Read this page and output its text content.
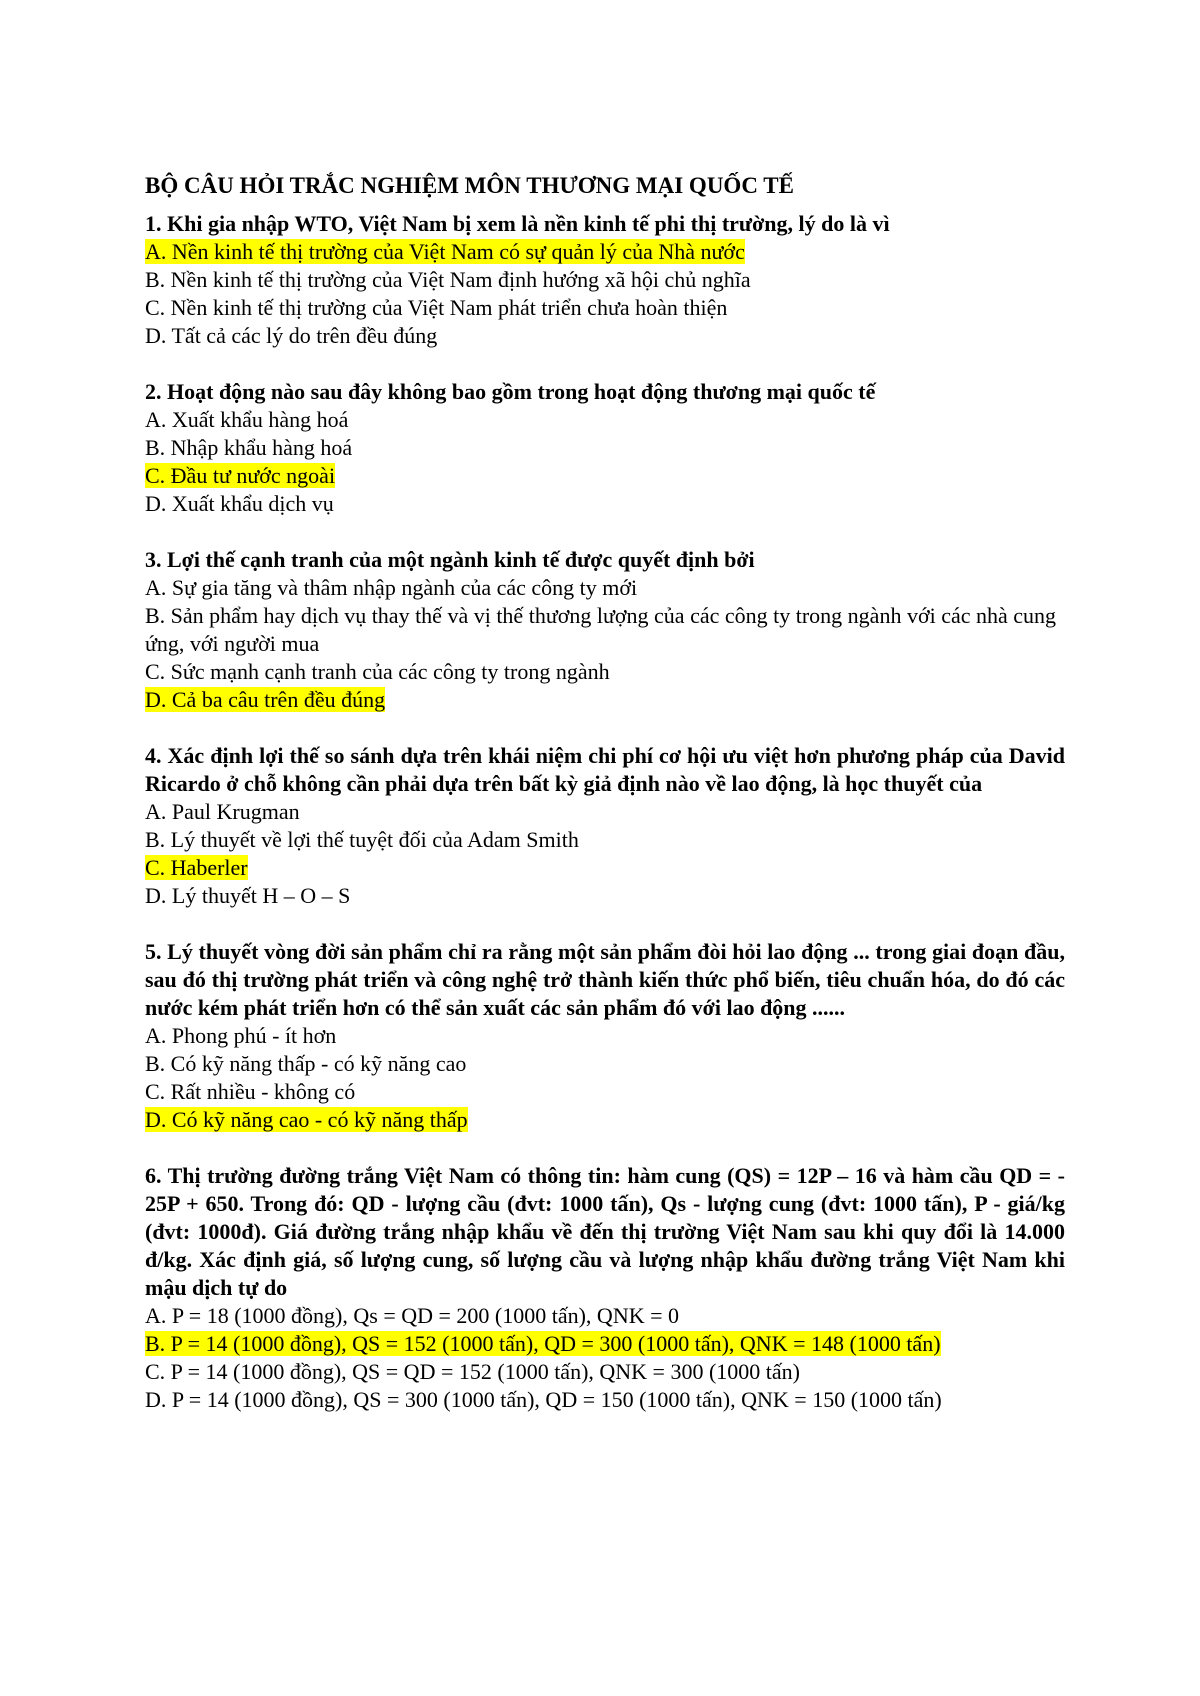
BỘ CÂU HỎI TRẮC NGHIỆM MÔN THƯƠNG MẠI QUỐC TẾ
1. Khi gia nhập WTO, Việt Nam bị xem là nền kinh tế phi thị trường, lý do là vì
A. Nền kinh tế thị trường của Việt Nam có sự quản lý của Nhà nước
B. Nền kinh tế thị trường của Việt Nam định hướng xã hội chủ nghĩa
C. Nền kinh tế thị trường của Việt Nam phát triển chưa hoàn thiện
D. Tất cả các lý do trên đều đúng
2. Hoạt động nào sau đây không bao gồm trong hoạt động thương mại quốc tế
A. Xuất khẩu hàng hoá
B. Nhập khẩu hàng hoá
C. Đầu tư nước ngoài
D. Xuất khẩu dịch vụ
3. Lợi thế cạnh tranh của một ngành kinh tế được quyết định bởi
A. Sự gia tăng và thâm nhập ngành của các công ty mới
B. Sản phẩm hay dịch vụ thay thế và vị thế thương lượng của các công ty trong ngành với các nhà cung ứng, với người mua
C. Sức mạnh cạnh tranh của các công ty trong ngành
D. Cả ba câu trên đều đúng
4. Xác định lợi thế so sánh dựa trên khái niệm chi phí cơ hội ưu việt hơn phương pháp của David Ricardo ở chỗ không cần phải dựa trên bất kỳ giả định nào về lao động, là học thuyết của
A. Paul Krugman
B. Lý thuyết về lợi thế tuyệt đối của Adam Smith
C. Haberler
D. Lý thuyết H – O – S
5. Lý thuyết vòng đời sản phẩm chỉ ra rằng một sản phẩm đòi hỏi lao động ... trong giai đoạn đầu, sau đó thị trường phát triển và công nghệ trở thành kiến thức phổ biến, tiêu chuẩn hóa, do đó các nước kém phát triển hơn có thể sản xuất các sản phẩm đó với lao động ......
A. Phong phú - ít hơn
B. Có kỹ năng thấp - có kỹ năng cao
C. Rất nhiều - không có
D. Có kỹ năng cao - có kỹ năng thấp
6. Thị trường đường trắng Việt Nam có thông tin: hàm cung (QS) = 12P – 16 và hàm cầu QD = - 25P + 650. Trong đó: QD - lượng cầu (đvt: 1000 tấn), Qs - lượng cung (đvt: 1000 tấn), P - giá/kg (đvt: 1000đ). Giá đường trắng nhập khẩu về đến thị trường Việt Nam sau khi quy đổi là 14.000 đ/kg. Xác định giá, số lượng cung, số lượng cầu và lượng nhập khẩu đường trắng Việt Nam khi mậu dịch tự do
A. P = 18 (1000 đồng), Qs = QD = 200 (1000 tấn), QNK = 0
B. P = 14 (1000 đồng), QS = 152 (1000 tấn), QD = 300 (1000 tấn), QNK = 148 (1000 tấn)
C. P = 14 (1000 đồng), QS = QD = 152 (1000 tấn), QNK = 300 (1000 tấn)
D. P = 14 (1000 đồng), QS = 300 (1000 tấn), QD = 150 (1000 tấn), QNK = 150 (1000 tấn)
